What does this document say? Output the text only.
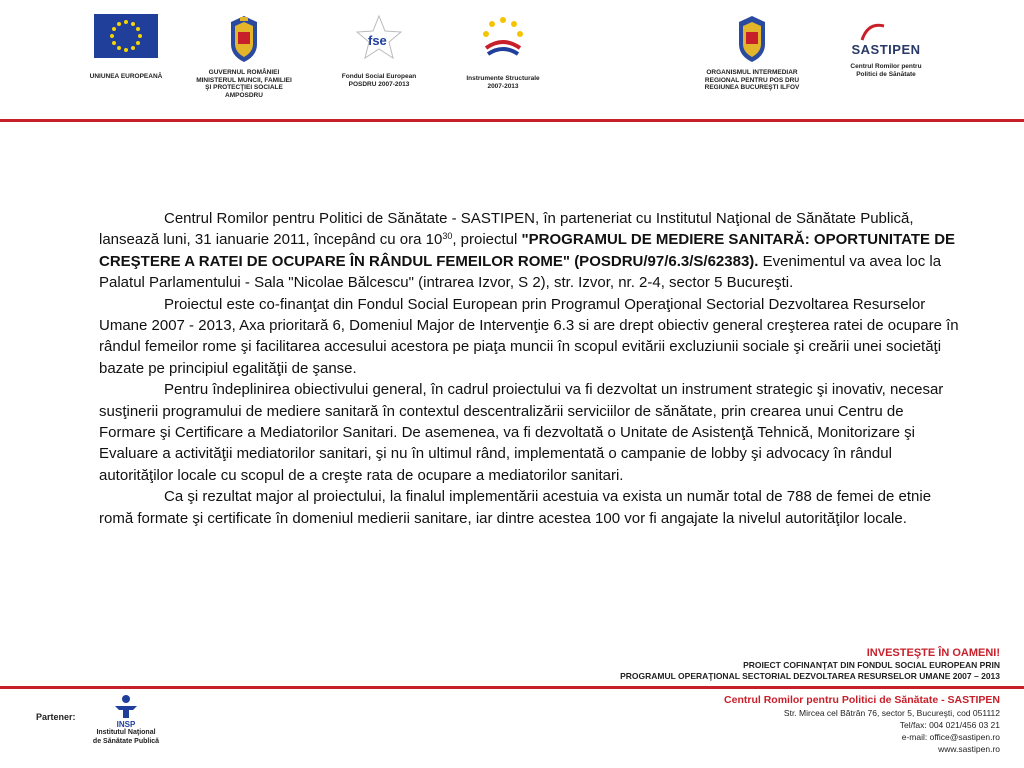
UNIUNEA EUROPEANĂ
GUVERNUL ROMÂNIEI
MINISTERUL MUNCII, FAMILIEI
ŞI PROTECŢIEI SOCIALE
AMPOSDRU
fse
Fondul Social European
POSDRU 2007-2013
Instrumente Structurale
2007-2013
ORGANISMUL INTERMEDIAR
REGIONAL PENTRU POS DRU
REGIUNEA BUCUREŞTI ILFOV
SASTIPEN
Centrul Romilor pentru
Politici de Sănătate

Centrul Romilor pentru Politici de Sănătate - SASTIPEN, în parteneriat cu Institutul Naţional de Sănătate Publică, lansează luni, 31 ianuarie 2011, începând cu ora $10^{30}$, proiectul "PROGRAMUL DE MEDIERE SANITARĂ: OPORTUNITATE DE CREŞTERE A RATEI DE OCUPARE ÎN RÂNDUL FEMEILOR ROME" (POSDRU/97/6.3/S/62383). Evenimentul va avea loc la Palatul Parlamentului - Sala "Nicolae Bălcescu" (intrarea Izvor, S 2), str. Izvor, nr. 2-4, sector 5 Bucureşti.

Proiectul este co-finanţat din Fondul Social European prin Programul Operaţional Sectorial Dezvoltarea Resurselor Umane 2007 - 2013, Axa prioritară 6, Domeniul Major de Intervenţie 6.3 si are drept obiectiv general creşterea ratei de ocupare în rândul femeilor rome şi facilitarea accesului acestora pe piaţa muncii în scopul evitării excluziunii sociale şi creării unei societăţi bazate pe principiul egalităţii de şanse.

Pentru îndeplinirea obiectivului general, în cadrul proiectului va fi dezvoltat un instrument strategic şi inovativ, necesar susţinerii programului de mediere sanitară în contextul descentralizării serviciilor de sănătate, prin crearea unui Centru de Formare şi Certificare a Mediatorilor Sanitari. De asemenea, va fi dezvoltată o Unitate de Asistenţă Tehnică, Monitorizare şi Evaluare a activităţii mediatorilor sanitari, şi nu în ultimul rând, implementată o campanie de lobby şi advocacy în rândul autorităţilor locale cu scopul de a creşte rata de ocupare a mediatorilor sanitari.

Ca şi rezultat major al proiectului, la finalul implementării acestuia va exista un număr total de 788 de femei de etnie romă formate şi certificate în domeniul medierii sanitare, iar dintre acestea 100 vor fi angajate la nivelul autorităţilor locale.

INVESTEŞTE ÎN OAMENI!
PROIECT COFINANŢAT DIN FONDUL SOCIAL EUROPEAN PRIN
PROGRAMUL OPERAŢIONAL SECTORIAL DEZVOLTAREA RESURSELOR UMANE 2007 – 2013
Partener:
INSP
Institutul Naţional
de Sănătate Publică
Centrul Romilor pentru Politici de Sănătate - SASTIPEN
Str. Mircea cel Bătrân 76, sector 5, Bucureşti, cod 051112
Tel/fax: 004 021/456 03 21
e-mail: office@sastipen.ro
www.sastipen.ro
